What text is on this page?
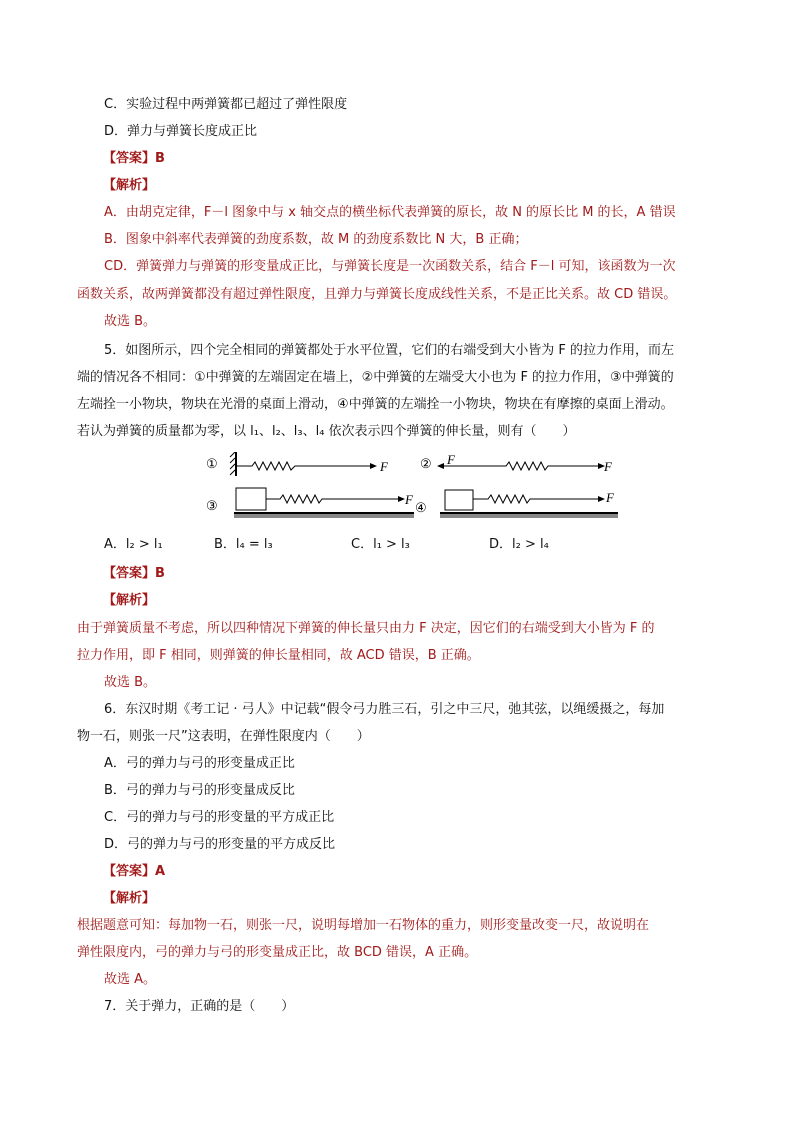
C．实验过程中两弹簧都已超过了弹性限度
D．弹力与弹簧长度成正比
【答案】B
【解析】
A．由胡克定律，F－l 图象中与 x 轴交点的横坐标代表弹簧的原长，故 N 的原长比 M 的长，A 错误
B．图象中斜率代表弹簧的劲度系数，故 M 的劲度系数比 N 大，B 正确；
CD．弹簧弹力与弹簧的形变量成正比，与弹簧长度是一次函数关系，结合 F－l 可知，该函数为一次
函数关系，故两弹簧都没有超过弹性限度，且弹力与弹簧长度成线性关系，不是正比关系。故 CD 错误。
故选 B。
5．如图所示，四个完全相同的弹簧都处于水平位置，它们的右端受到大小皆为 F 的拉力作用，而左
端的情况各不相同：①中弹簧的左端固定在墙上，②中弹簧的左端受大小也为 F 的拉力作用，③中弹簧的
左端拴一小物块，物块在光滑的桌面上滑动，④中弹簧的左端拴一小物块，物块在有摩擦的桌面上滑动。
若认为弹簧的质量都为零，以 l₁、l₂、l₃、l₄ 依次表示四个弹簧的伸长量，则有（　　）
①	F ② F	F
③	F
④
F
A．l₂ > l₁	B．l₄ = l₃	C．l₁ > l₃	D．l₂ > l₄
【答案】B
【解析】
由于弹簧质量不考虑，所以四种情况下弹簧的伸长量只由力 F 决定，因它们的右端受到大小皆为 F 的
拉力作用，即 F 相同，则弹簧的伸长量相同，故 ACD 错误，B 正确。
故选 B。
6．东汉时期《考工记 · 弓人》中记载“假令弓力胜三石，引之中三尺，弛其弦，以绳缓摄之，每加
物一石，则张一尺”这表明，在弹性限度内（　　）
A．弓的弹力与弓的形变量成正比
B．弓的弹力与弓的形变量成反比
C．弓的弹力与弓的形变量的平方成正比
D．弓的弹力与弓的形变量的平方成反比
【答案】A
【解析】
根据题意可知：每加物一石，则张一尺，说明每增加一石物体的重力，则形变量改变一尺，故说明在
弹性限度内，弓的弹力与弓的形变量成正比，故 BCD 错误，A 正确。
故选 A。
7．关于弹力，正确的是（　　）
